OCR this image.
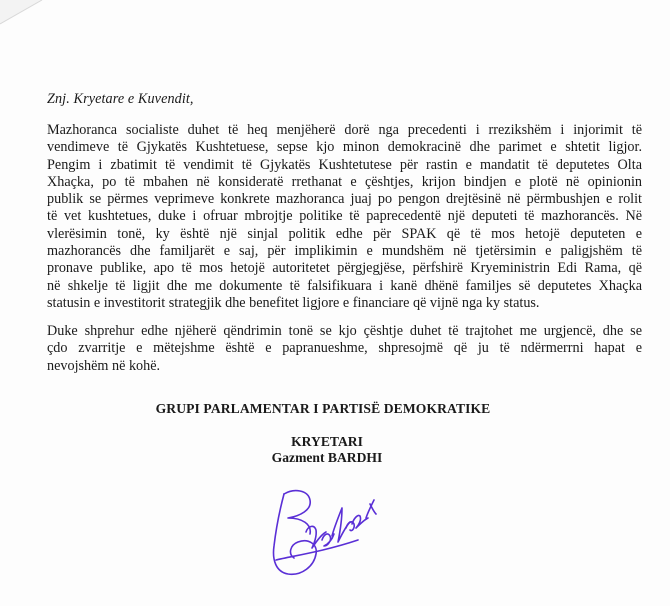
Znj. Kryetare e Kuvendit,
Mazhoranca socialiste duhet të heq menjëherë dorë nga precedenti i rrezikshëm i injorimit të
vendimeve të Gjykatës Kushtetuese, sepse kjo minon demokracinë dhe parimet e shtetit ligjor.
Pengim i zbatimit të vendimit të Gjykatës Kushtetutese për rastin e mandatit të deputetes Olta
Xhaçka, po të mbahen në konsideratë rrethanat e çështjes, krijon bindjen e plotë në opinionin
publik se përmes veprimeve konkrete mazhoranca juaj po pengon drejtësinë në përmbushjen e rolit
të vet kushtetues, duke i ofruar mbrojtje politike të paprecedentë një deputeti të mazhorancës. Në
vlerësimin tonë, ky është një sinjal politik edhe për SPAK që të mos hetojë deputeten e
mazhorancës dhe familjarët e saj, për implikimin e mundshëm në tjetërsimin e paligjshëm të
pronave publike, apo të mos hetojë autoritetet përgjegjëse, përfshirë Kryeministrin Edi Rama, që
në shkelje të ligjit dhe me dokumente të falsifikuara i kanë dhënë familjes së deputetes Xhaçka
statusin e investitorit strategjik dhe benefitet ligjore e financiare që vijnë nga ky status.
Duke shprehur edhe njëherë qëndrimin tonë se kjo çështje duhet të trajtohet me urgjencë, dhe se
çdo zvarritje e mëtejshme është e papranueshme, shpresojmë që ju të ndërmerrni hapat e
nevojshëm në kohë.
GRUPI PARLAMENTAR I PARTISË DEMOKRATIKE
KRYETARI
Gazment BARDHI
